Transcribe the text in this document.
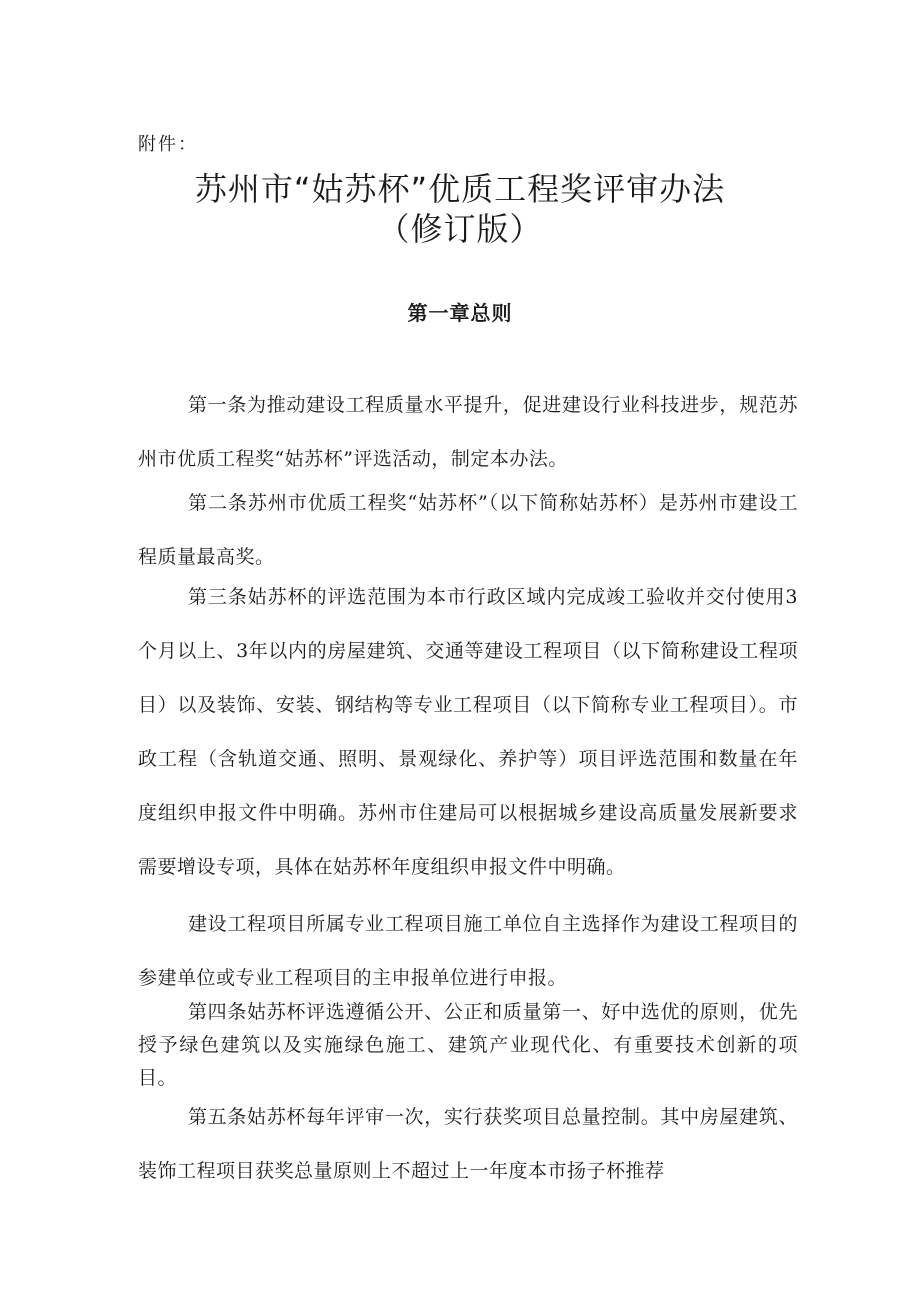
附件：
苏州市“姑苏杯”优质工程奖评审办法
（修订版）
第一章总则
第一条为推动建设工程质量水平提升，促进建设行业科技进步，规范苏州市优质工程奖“姑苏杯”评选活动，制定本办法。
第二条苏州市优质工程奖“姑苏杯”（以下简称姑苏杯）是苏州市建设工程质量最高奖。
第三条姑苏杯的评选范围为本市行政区域内完成竣工验收并交付使用3个月以上、3年以内的房屋建筑、交通等建设工程项目（以下简称建设工程项目）以及装饰、安装、钢结构等专业工程项目（以下简称专业工程项目）。市政工程（含轨道交通、照明、景观绿化、养护等）项目评选范围和数量在年度组织申报文件中明确。苏州市住建局可以根据城乡建设高质量发展新要求需要增设专项，具体在姑苏杯年度组织申报文件中明确。
建设工程项目所属专业工程项目施工单位自主选择作为建设工程项目的参建单位或专业工程项目的主申报单位进行申报。
第四条姑苏杯评选遵循公开、公正和质量第一、好中选优的原则，优先授予绿色建筑以及实施绿色施工、建筑产业现代化、有重要技术创新的项目。
第五条姑苏杯每年评审一次，实行获奖项目总量控制。其中房屋建筑、装饰工程项目获奖总量原则上不超过上一年度本市扬子杯推荐
